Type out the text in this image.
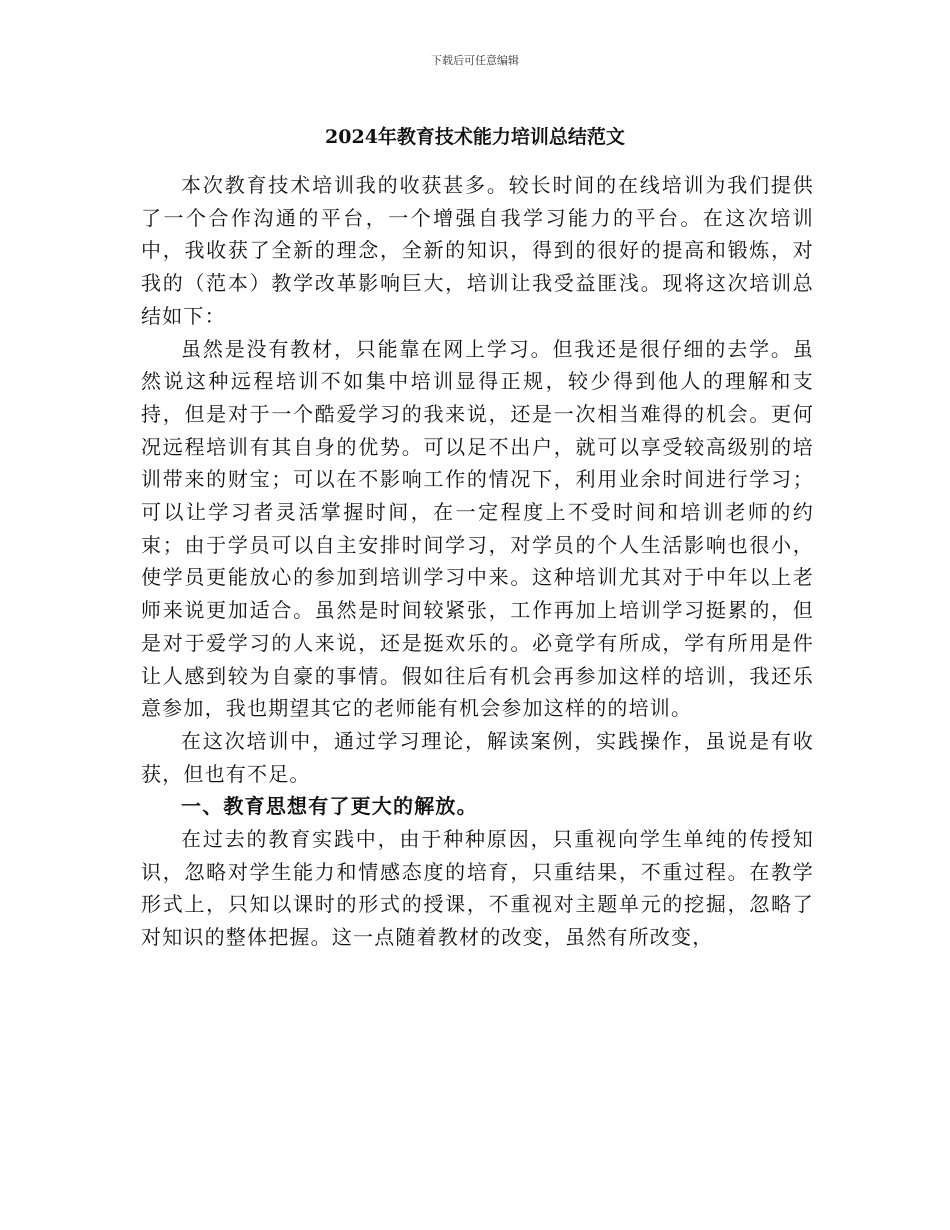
下载后可任意编辑
2024年教育技术能力培训总结范文

本次教育技术培训我的收获甚多。较长时间的在线培训为我们提供了一个合作沟通的平台，一个增强自我学习能力的平台。在这次培训中，我收获了全新的理念，全新的知识，得到的很好的提高和锻炼，对我的（范本）教学改革影响巨大，培训让我受益匪浅。现将这次培训总结如下：

虽然是没有教材，只能靠在网上学习。但我还是很仔细的去学。虽然说这种远程培训不如集中培训显得正规，较少得到他人的理解和支持，但是对于一个酷爱学习的我来说，还是一次相当难得的机会。更何况远程培训有其自身的优势。可以足不出户，就可以享受较高级别的培训带来的财宝；可以在不影响工作的情况下，利用业余时间进行学习；可以让学习者灵活掌握时间，在一定程度上不受时间和培训老师的约束；由于学员可以自主安排时间学习，对学员的个人生活影响也很小，使学员更能放心的参加到培训学习中来。这种培训尤其对于中年以上老师来说更加适合。虽然是时间较紧张，工作再加上培训学习挺累的，但是对于爱学习的人来说，还是挺欢乐的。必竟学有所成，学有所用是件让人感到较为自豪的事情。假如往后有机会再参加这样的培训，我还乐意参加，我也期望其它的老师能有机会参加这样的的培训。

在这次培训中，通过学习理论，解读案例，实践操作，虽说是有收获，但也有不足。

一、教育思想有了更大的解放。

在过去的教育实践中，由于种种原因，只重视向学生单纯的传授知识，忽略对学生能力和情感态度的培育，只重结果，不重过程。在教学形式上，只知以课时的形式的授课，不重视对主题单元的挖掘，忽略了对知识的整体把握。这一点随着教材的改变，虽然有所改变，
